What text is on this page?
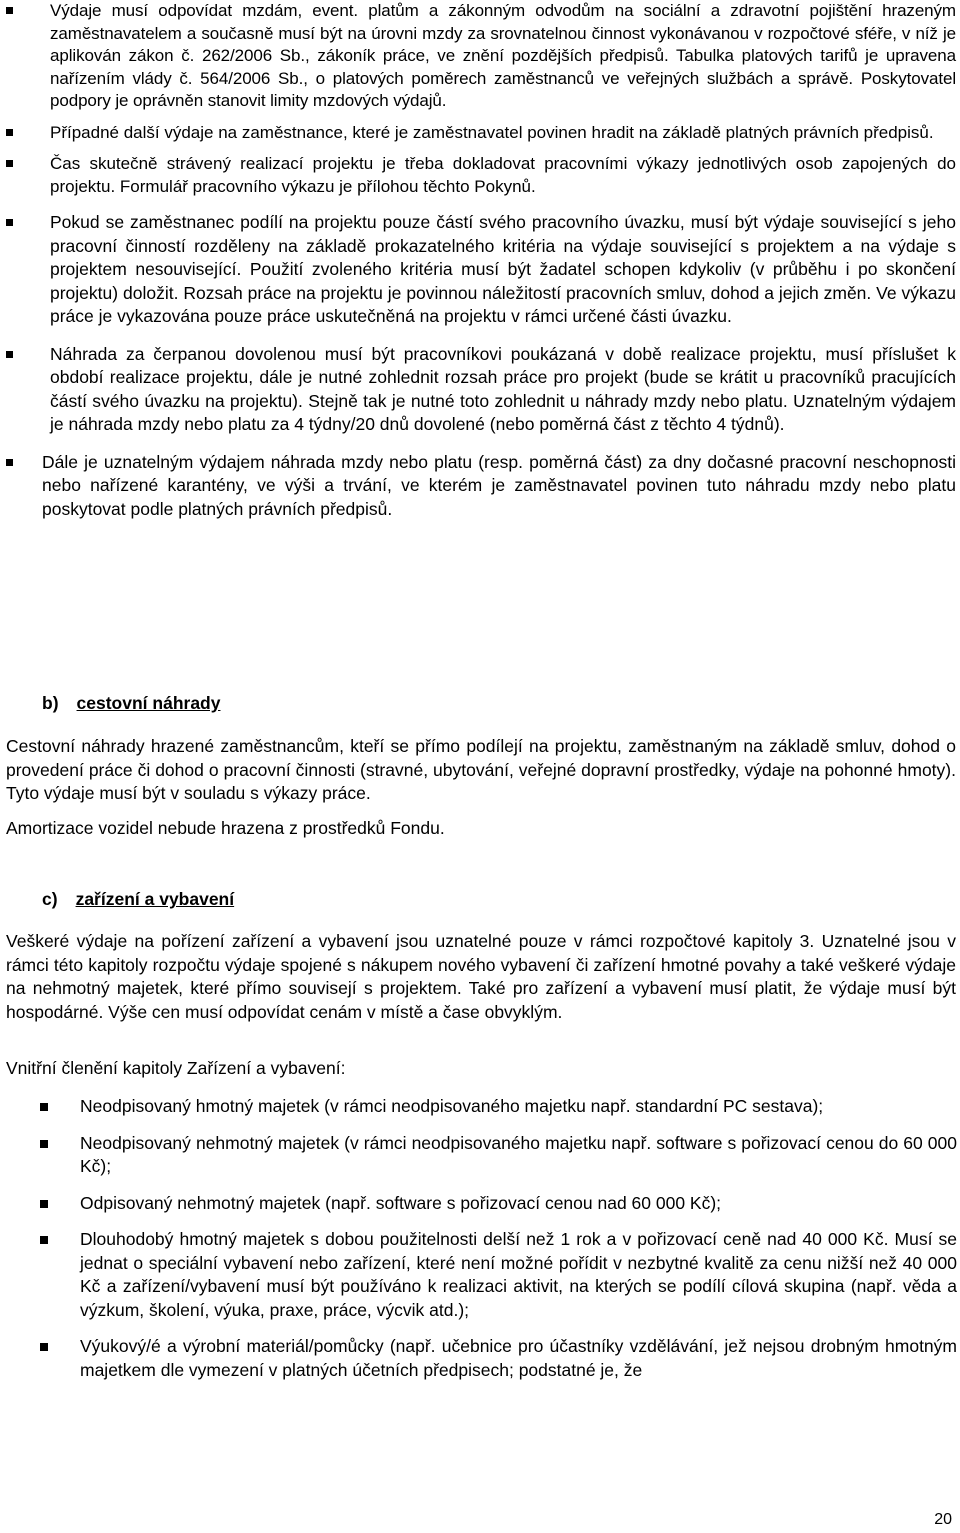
Výdaje musí odpovídat mzdám, event. platům a zákonným odvodům na sociální a zdravotní pojištění hrazeným zaměstnavatelem a současně musí být na úrovni mzdy za srovnatelnou činnost vykonávanou v rozpočtové sféře, v níž je aplikován zákon č. 262/2006 Sb., zákoník práce, ve znění pozdějších předpisů. Tabulka platových tarifů je upravena nařízením vlády č. 564/2006 Sb., o platových poměrech zaměstnanců ve veřejných službách a správě. Poskytovatel podpory je oprávněn stanovit limity mzdových výdajů.
Případné další výdaje na zaměstnance, které je zaměstnavatel povinen hradit na základě platných právních předpisů.
Čas skutečně strávený realizací projektu je třeba dokladovat pracovními výkazy jednotlivých osob zapojených do projektu. Formulář pracovního výkazu je přílohou těchto Pokynů.
Pokud se zaměstnanec podílí na projektu pouze částí svého pracovního úvazku, musí být výdaje související s jeho pracovní činností rozděleny na základě prokazatelného kritéria na výdaje související s projektem a na výdaje s projektem nesouvisející. Použití zvoleného kritéria musí být žadatel schopen kdykoliv (v průběhu i po skončení projektu) doložit. Rozsah práce na projektu je povinnou náležitostí pracovních smluv, dohod a jejich změn. Ve výkazu práce je vykazována pouze práce uskutečněná na projektu v rámci určené části úvazku.
Náhrada za čerpanou dovolenou musí být pracovníkovi poukázaná v době realizace projektu, musí příslušet k období realizace projektu, dále je nutné zohlednit rozsah práce pro projekt (bude se krátit u pracovníků pracujících částí svého úvazku na projektu). Stejně tak je nutné toto zohlednit u náhrady mzdy nebo platu. Uznatelným výdajem je náhrada mzdy nebo platu za 4 týdny/20 dnů dovolené (nebo poměrná část z těchto 4 týdnů).
Dále je uznatelným výdajem náhrada mzdy nebo platu (resp. poměrná část) za dny dočasné pracovní neschopnosti nebo nařízené karantény, ve výši a trvání, ve kterém je zaměstnavatel povinen tuto náhradu mzdy nebo platu poskytovat podle platných právních předpisů.
b) cestovní náhrady
Cestovní náhrady hrazené zaměstnancům, kteří se přímo podílejí na projektu, zaměstnaným na základě smluv, dohod o provedení práce či dohod o pracovní činnosti (stravné, ubytování, veřejné dopravní prostředky, výdaje na pohonné hmoty). Tyto výdaje musí být v souladu s výkazy práce.
Amortizace vozidel nebude hrazena z prostředků Fondu.
c) zařízení a vybavení
Veškeré výdaje na pořízení zařízení a vybavení jsou uznatelné pouze v rámci rozpočtové kapitoly 3. Uznatelné jsou v rámci této kapitoly rozpočtu výdaje spojené s nákupem nového vybavení či zařízení hmotné povahy a také veškeré výdaje na nehmotný majetek, které přímo souvisejí s projektem. Také pro zařízení a vybavení musí platit, že výdaje musí být hospodárné. Výše cen musí odpovídat cenám v místě a čase obvyklým.
Vnitřní členění kapitoly Zařízení a vybavení:
Neodpisovaný hmotný majetek (v rámci neodpisovaného majetku např. standardní PC sestava);
Neodpisovaný nehmotný majetek (v rámci neodpisovaného majetku např. software s pořizovací cenou do 60 000 Kč);
Odpisovaný nehmotný majetek (např. software s pořizovací cenou nad 60 000 Kč);
Dlouhodobý hmotný majetek s dobou použitelnosti delší než 1 rok a v pořizovací ceně nad 40 000 Kč. Musí se jednat o speciální vybavení nebo zařízení, které není možné pořídit v nezbytné kvalitě za cenu nižší než 40 000 Kč a zařízení/vybavení musí být používáno k realizaci aktivit, na kterých se podílí cílová skupina (např. věda a výzkum, školení, výuka, praxe, práce, výcvik atd.);
Výukový/é a výrobní materiál/pomůcky (např. učebnice pro účastníky vzdělávání, jež nejsou drobným hmotným majetkem dle vymezení v platných účetních předpisech; podstatné je, že
20
